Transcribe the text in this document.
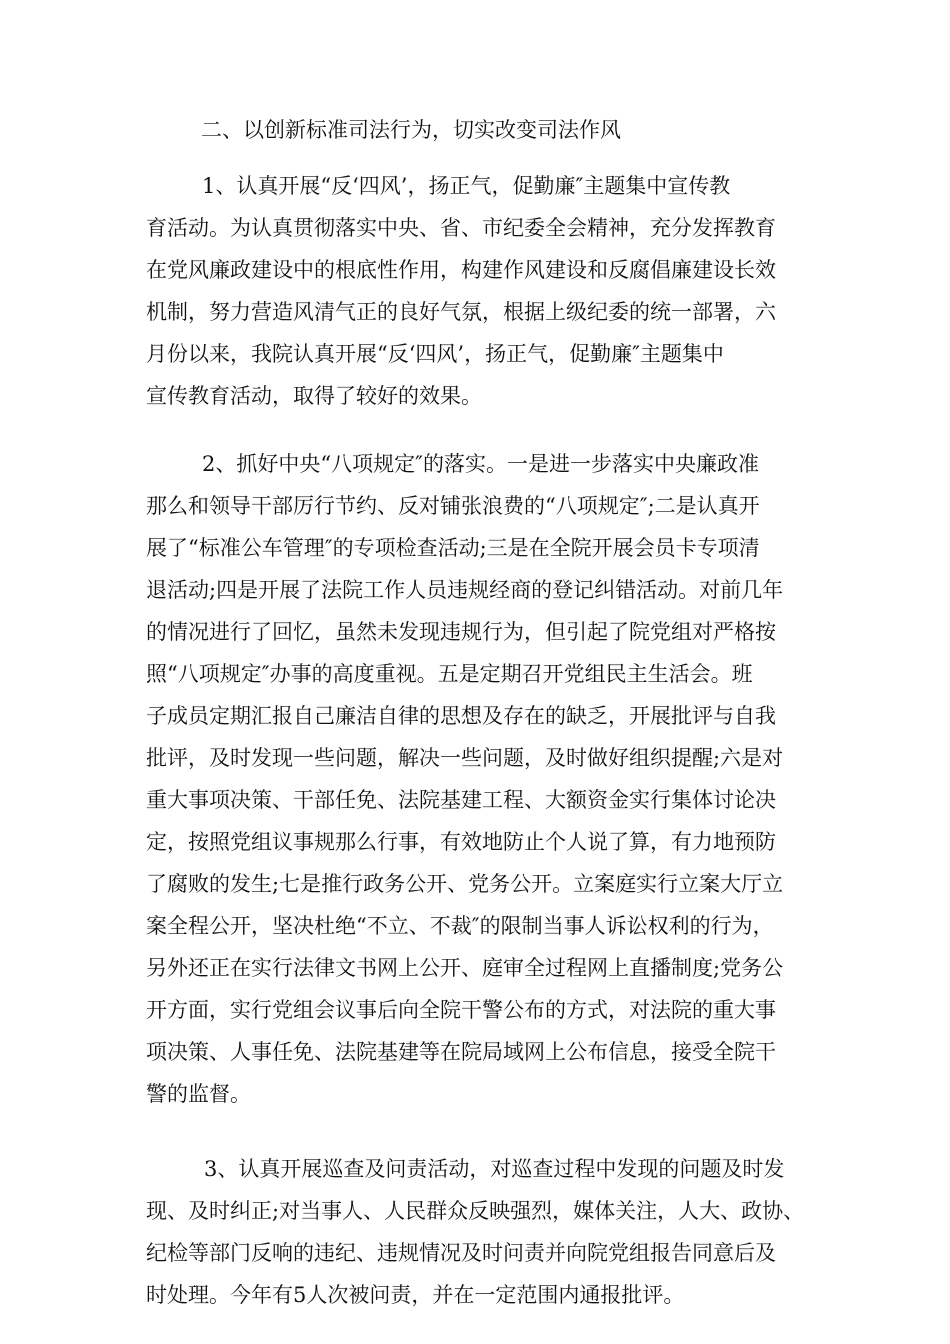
二、以创新标准司法行为，切实改变司法作风
1、认真开展“反‘四风’，扬正气，促勤廉″主题集中宣传教
育活动。为认真贯彻落实中央、省、市纪委全会精神，充分发挥教育
在党风廉政建设中的根底性作用，构建作风建设和反腐倡廉建设长效
机制，努力营造风清气正的良好气氛，根据上级纪委的统一部署，六
月份以来，我院认真开展“反‘四风’，扬正气，促勤廉″主题集中
宣传教育活动，取得了较好的效果。
2、抓好中央“八项规定″的落实。一是进一步落实中央廉政准
那么和领导干部厉行节约、反对铺张浪费的“八项规定″;二是认真开
展了“标准公车管理″的专项检查活动;三是在全院开展会员卡专项清
退活动;四是开展了法院工作人员违规经商的登记纠错活动。对前几年
的情况进行了回忆，虽然未发现违规行为，但引起了院党组对严格按
照“八项规定″办事的高度重视。五是定期召开党组民主生活会。班
子成员定期汇报自己廉洁自律的思想及存在的缺乏，开展批评与自我
批评，及时发现一些问题，解决一些问题，及时做好组织提醒;六是对
重大事项决策、干部任免、法院基建工程、大额资金实行集体讨论决
定，按照党组议事规那么行事，有效地防止个人说了算，有力地预防
了腐败的发生;七是推行政务公开、党务公开。立案庭实行立案大厅立
案全程公开，坚决杜绝“不立、不裁″的限制当事人诉讼权利的行为，
另外还正在实行法律文书网上公开、庭审全过程网上直播制度;党务公
开方面，实行党组会议事后向全院干警公布的方式，对法院的重大事
项决策、人事任免、法院基建等在院局域网上公布信息，接受全院干
警的监督。
3、认真开展巡查及问责活动，对巡查过程中发现的问题及时发
现、及时纠正;对当事人、人民群众反映强烈，媒体关注，人大、政协、
纪检等部门反响的违纪、违规情况及时问责并向院党组报告同意后及
时处理。今年有5人次被问责，并在一定范围内通报批评。
